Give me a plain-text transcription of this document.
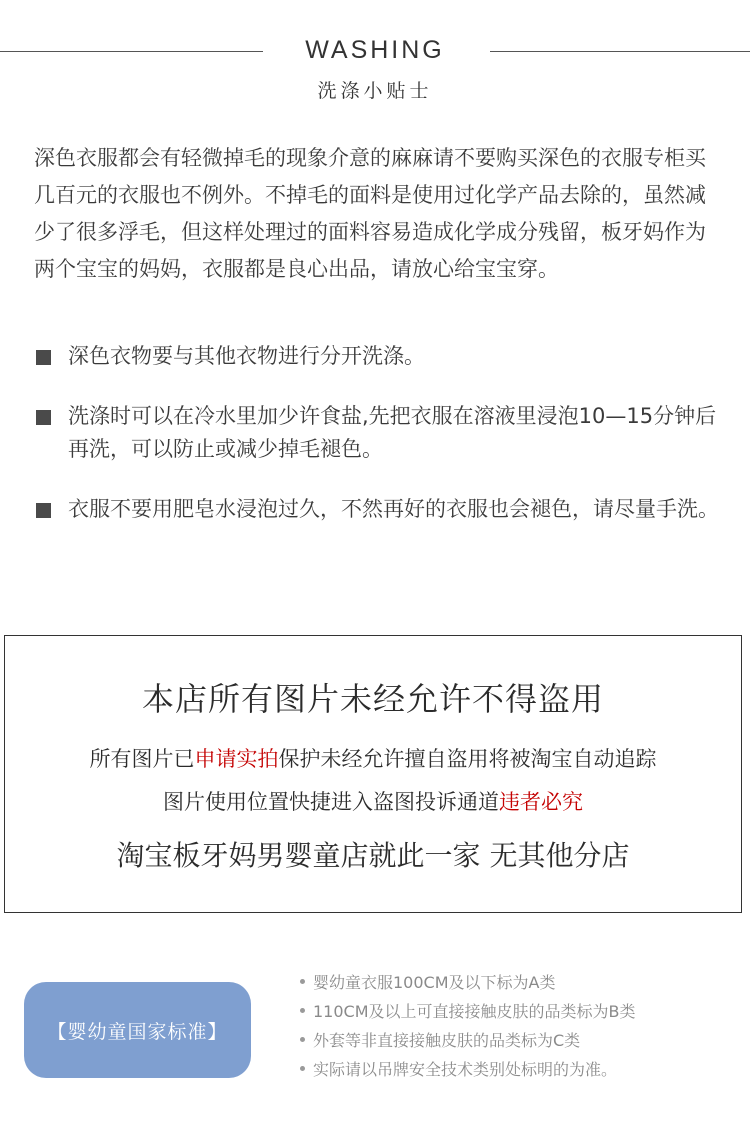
WASHING
洗涤小贴士

深色衣服都会有轻微掉毛的现象介意的麻麻请不要购买深色的衣服专柜买几百元的衣服也不例外。不掉毛的面料是使用过化学产品去除的，虽然减少了很多浮毛，但这样处理过的面料容易造成化学成分残留，板牙妈作为两个宝宝的妈妈，衣服都是良心出品，请放心给宝宝穿。

深色衣物要与其他衣物进行分开洗涤。
洗涤时可以在冷水里加少许食盐,先把衣服在溶液里浸泡10—15分钟后再洗，可以防止或减少掉毛褪色。
衣服不要用肥皂水浸泡过久，不然再好的衣服也会褪色，请尽量手洗。
本店所有图片未经允许不得盗用
所有图片已申请实拍保护未经允许擅自盗用将被淘宝自动追踪
图片使用位置快捷进入盗图投诉通道违者必究
淘宝板牙妈男婴童店就此一家 无其他分店
【婴幼童国家标准】
婴幼童衣服100CM及以下标为A类
110CM及以上可直接接触皮肤的品类标为B类
外套等非直接接触皮肤的品类标为C类
实际请以吊牌安全技术类别处标明的为准。
